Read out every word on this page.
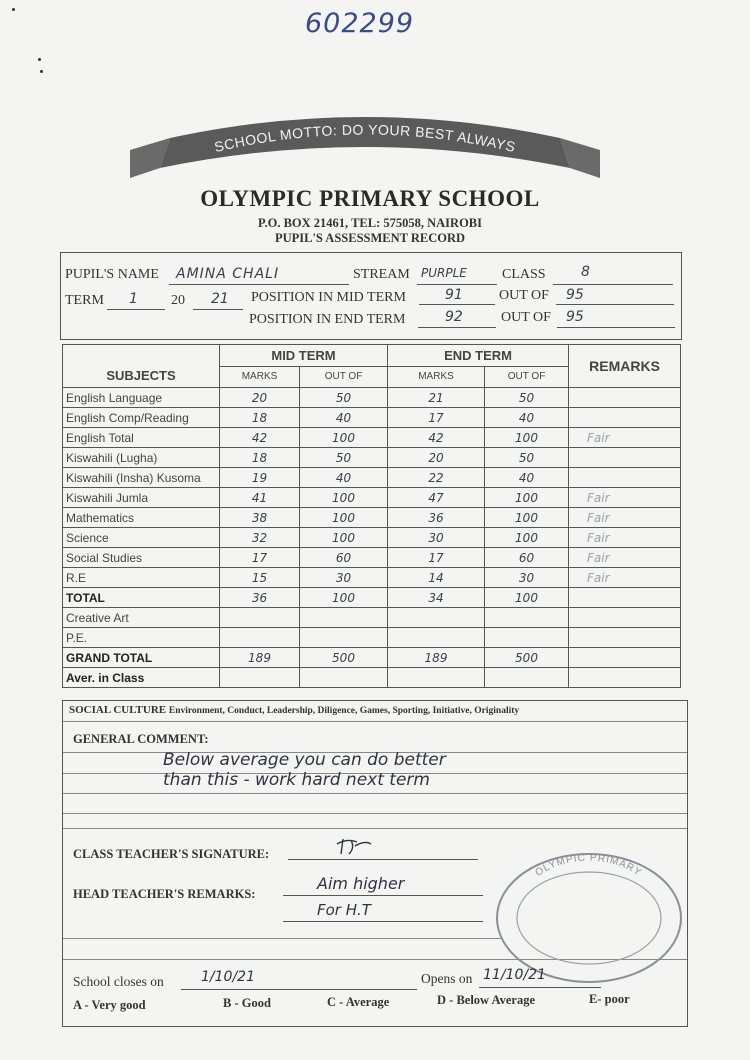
602299
SCHOOL MOTTO: DO YOUR BEST ALWAYS
OLYMPIC PRIMARY SCHOOL
P.O. BOX 21461, TEL: 575058, NAIROBI
PUPIL'S ASSESSMENT RECORD
PUPIL'S NAME AMINA CHALI	STREAM PURPLE	CLASS	8
TERM 1 20 21 POSITION IN MID TERM	91	OUT OF 95
POSITION IN END TERM	92	OUT OF 95
SUBJECTS	MID TERM		END TERM		REMARKS
	MARKS	OUT OF	MARKS	OUT OF	
English Language	20	50	21	50	
English Comp/Reading	18	40	17	40	
English Total	42	100	42	100	Fair
Kiswahili (Lugha)	18	50	20	50	
Kiswahili (Insha) Kusoma	19	40	22	40	
Kiswahili Jumla	41	100	47	100	Fair
Mathematics	38	100	36	100	Fair
Science	32	100	30	100	Fair
Social Studies	17	60	17	60	Fair
R.E	15	30	14	30	Fair
TOTAL	36	100	34	100	
Creative Art					
P.E.					
GRAND TOTAL	189	500	189	500	
Aver. in Class					
SOCIAL CULTURE Environment, Conduct, Leadership, Diligence, Games, Sporting, Initiative, Originality
GENERAL COMMENT:
Below average you can do better
than this - work hard next term
CLASS TEACHER'S SIGNATURE:
HEAD TEACHER'S REMARKS:
Aim higher
For H.T
OLYMPIC PRIMARY
School closes on	1/10/21	Opens on 11/10/21
A - Very good	B - Good	C - Average	D - Below Average	E- poor
